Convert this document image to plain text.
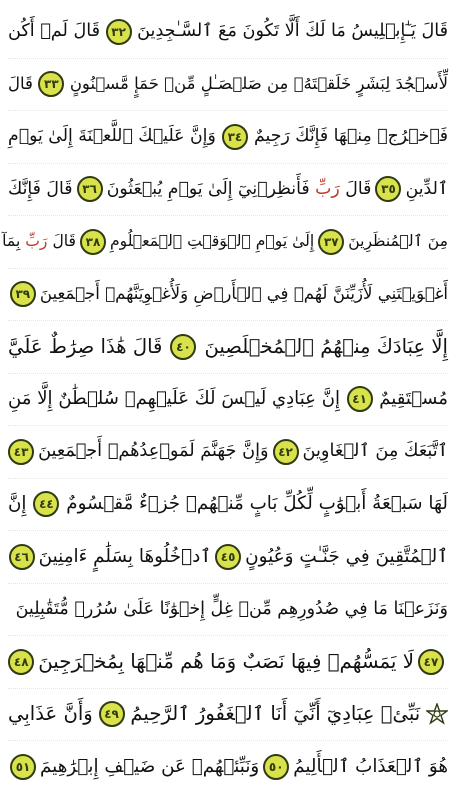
قَالَ يَـٰٓإِبۡلِيسُ مَا لَكَ أَلَّا تَكُونَ مَعَ ٱلسَّـٰجِدِينَ
٣٢
قَالَ لَمۡ أَكُن
لِّأَسۡجُدَ لِبَشَرٍ خَلَقۡتَهُۥ مِن صَلۡصَـٰلٍ مِّنۡ حَمَإٍ مَّسۡنُونٍ
٣٣
قَالَ
فَٱخۡرُجۡ مِنۡهَا فَإِنَّكَ رَجِيمٌ
٣٤
وَإِنَّ عَلَيۡكَ ٱللَّعۡنَةَ إِلَىٰ يَوۡمِ
ٱلدِّينِ
٣٥
قَالَ رَبِّ فَأَنظِرۡنِيٓ إِلَىٰ يَوۡمِ يُبۡعَثُونَ
٣٦
قَالَ فَإِنَّكَ
مِنَ ٱلۡمُنظَرِينَ
٣٧
إِلَىٰ يَوۡمِ ٱلۡوَقۡتِ ٱلۡمَعۡلُومِ
٣٨
قَالَ رَبِّ بِمَآ
أَغۡوَيۡتَنِي لَأُزَيِّنَنَّ لَهُمۡ فِي ٱلۡأَرۡضِ وَلَأُغۡوِيَنَّهُمۡ أَجۡمَعِينَ
٣٩
إِلَّا عِبَادَكَ مِنۡهُمُ ٱلۡمُخۡلَصِينَ
٤٠
قَالَ هَٰذَا صِرَٰطٌ عَلَيَّ
مُسۡتَقِيمٌ
٤١
إِنَّ عِبَادِي لَيۡسَ لَكَ عَلَيۡهِمۡ سُلۡطَٰنٌ إِلَّا مَنِ
ٱتَّبَعَكَ مِنَ ٱلۡغَاوِينَ
٤٢
وَإِنَّ جَهَنَّمَ لَمَوۡعِدُهُمۡ أَجۡمَعِينَ
٤٣
لَهَا سَبۡعَةُ أَبۡوَٰبٍ لِّكُلِّ بَابٍ مِّنۡهُمۡ جُزۡءٌ مَّقۡسُومٌ
٤٤
إِنَّ
ٱلۡمُتَّقِينَ فِي جَنَّـٰتٍ وَعُيُونٍ
٤٥
ٱدۡخُلُوهَا بِسَلَٰمٍ ءَامِنِينَ
٤٦
وَنَزَعۡنَا مَا فِي صُدُورِهِم مِّنۡ غِلٍّ إِخۡوَٰنًا عَلَىٰ سُرُرٖ مُّتَقَٰبِلِينَ
٤٧
لَا يَمَسُّهُمۡ فِيهَا نَصَبٌ وَمَا هُم مِّنۡهَا بِمُخۡرَجِينَ
٤٨
نَبِّئۡ عِبَادِيٓ أَنِّيٓ أَنَا ٱلۡغَفُورُ ٱلرَّحِيمُ
٤٩
وَأَنَّ عَذَابِي
هُوَ ٱلۡعَذَابُ ٱلۡأَلِيمُ
٥٠
وَنَبِّئۡهُمۡ عَن ضَيۡفِ إِبۡرَٰهِيمَ
٥١
